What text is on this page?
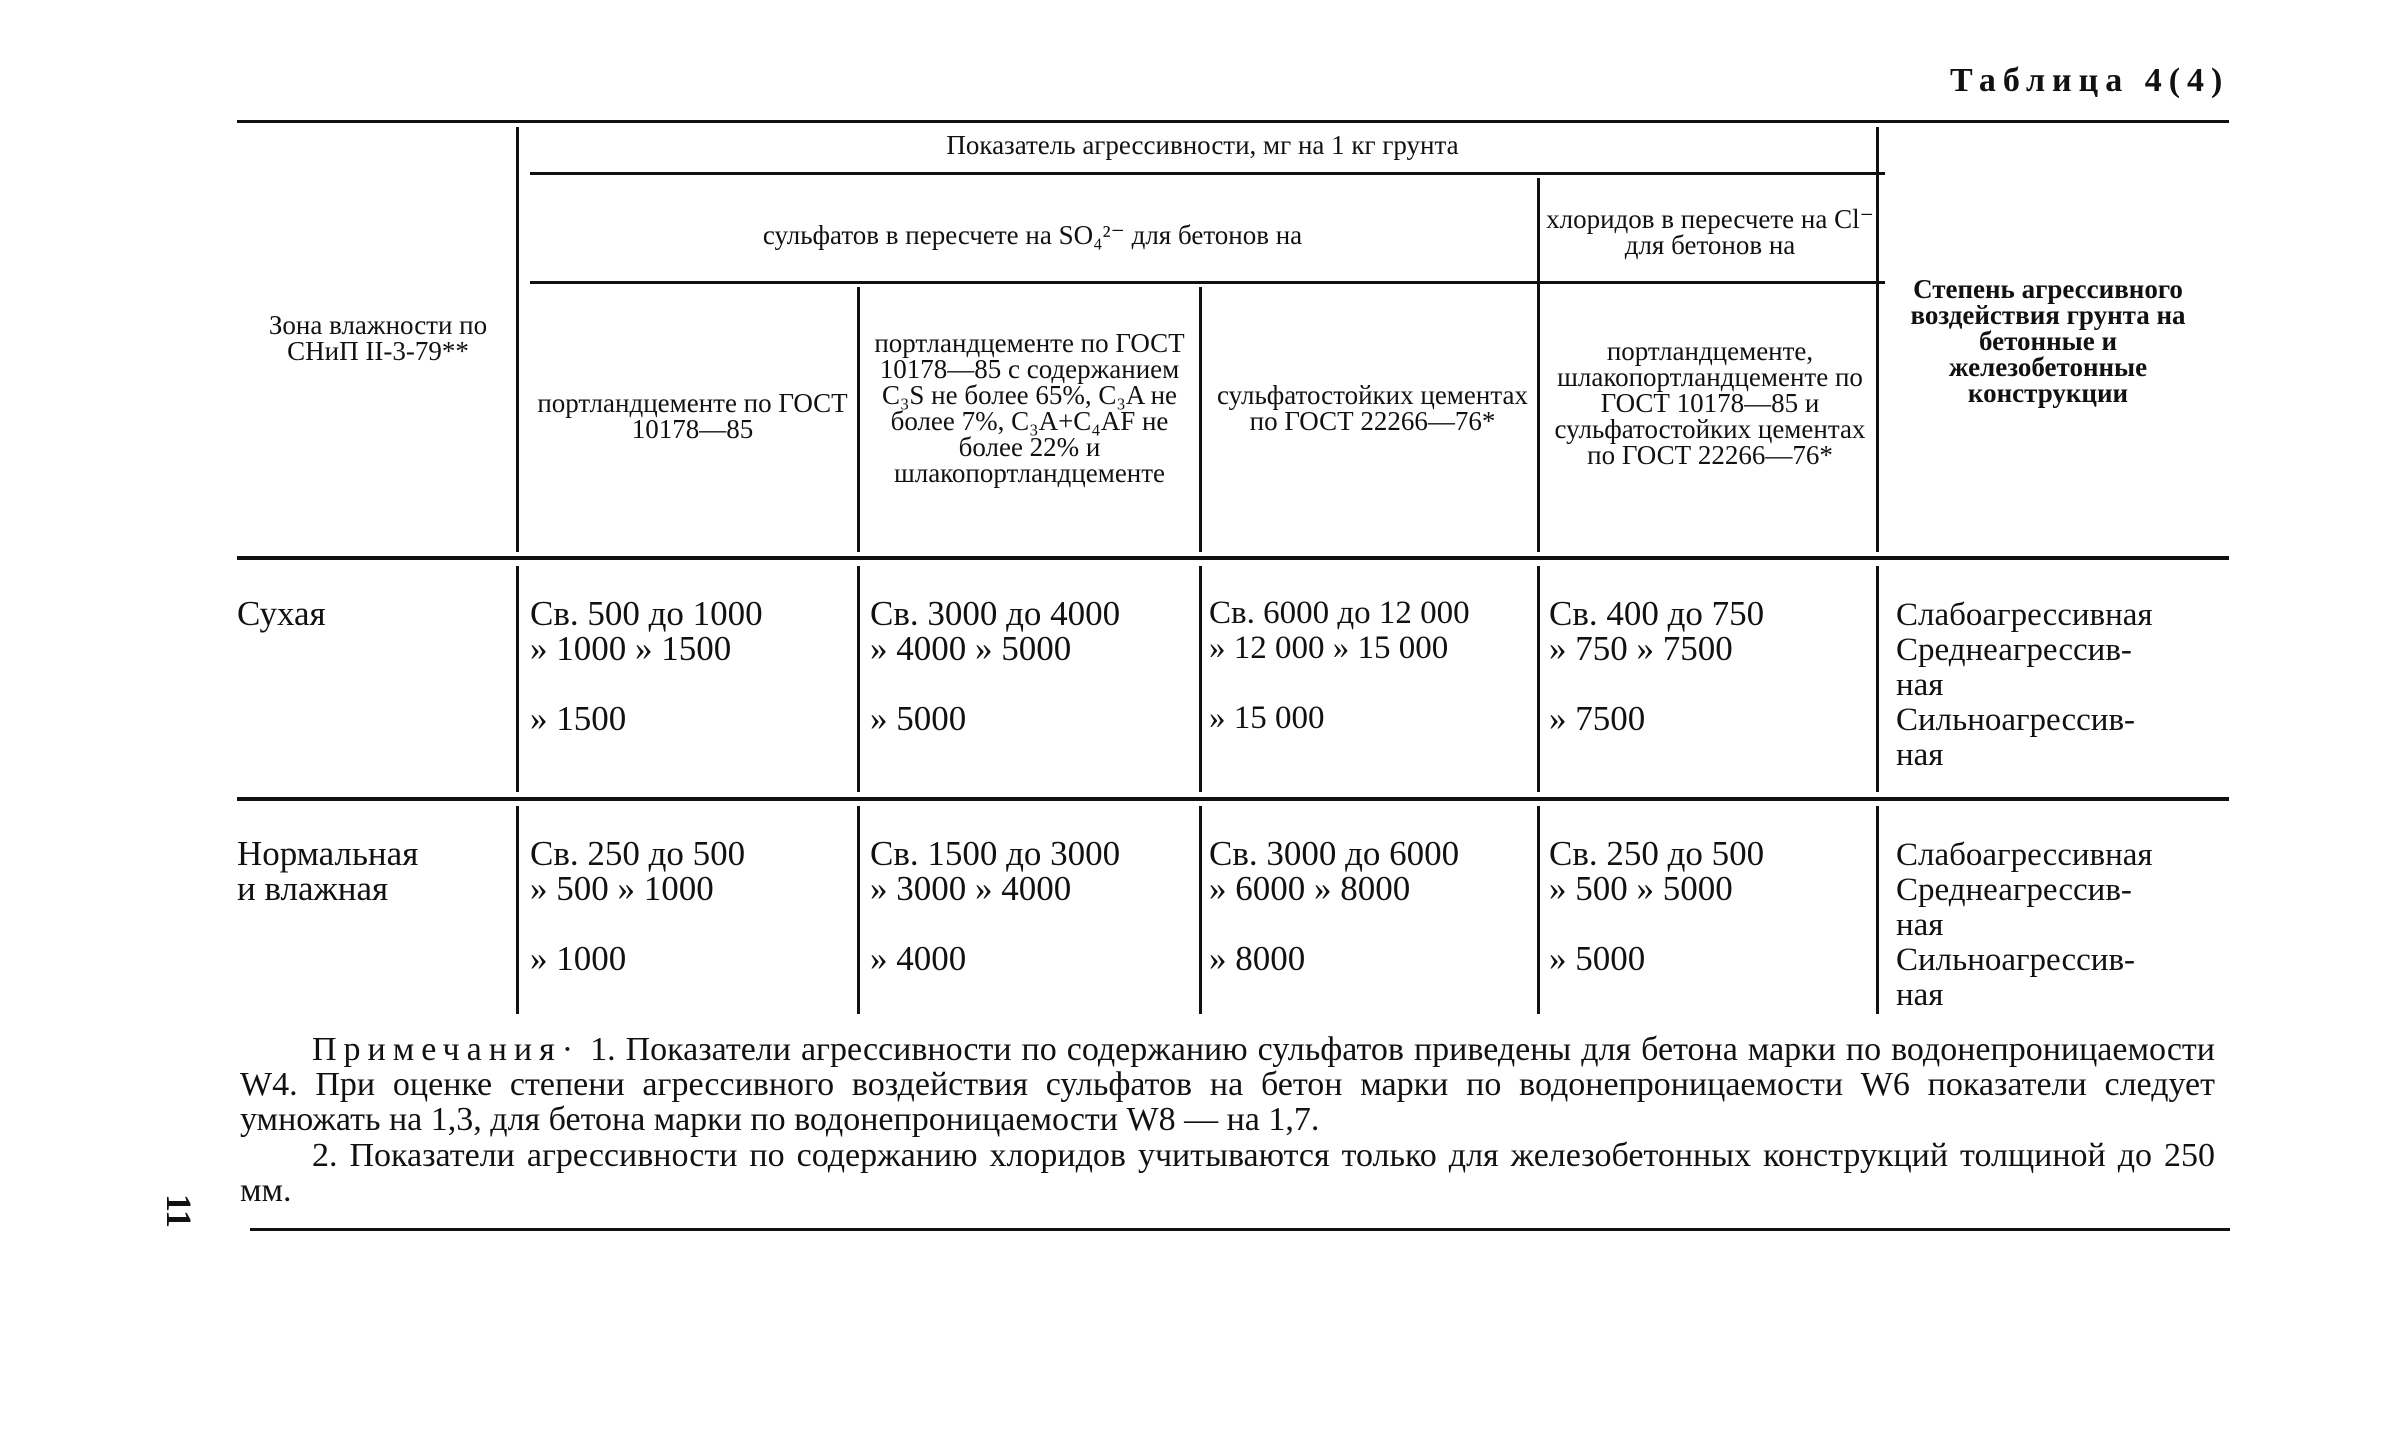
Таблица 4(4)
Зона влажности по СНиП II-3-79**
Показатель агрессивности, мг на 1 кг грунта
сульфатов в пересчете на SO₄²⁻ для бетонов на
хлоридов в пересчете на Cl⁻ для бетонов на
портландцементе по ГОСТ 10178—85
портландцементе по ГОСТ 10178—85 с содержанием C₃S не более 65%, C₃A не более 7%, C₃A+C₄AF не более 22% и шлакопортландцементе
сульфатостойких цементах по ГОСТ 22266—76*
портландцементе, шлакопортландцементе по ГОСТ 10178—85 и сульфатостойких цементах по ГОСТ 22266—76*
Степень агрессивного воздействия грунта на бетонные и железобетонные конструкции
Сухая	Св. 500 до 1000
» 1000 » 1500
» 1500
Св. 3000 до 4000
» 4000 » 5000
» 5000
Св. 6000 до 12 000
» 12 000 » 15 000
» 15 000
Св. 400 до 750
» 750 » 7500
» 7500
Слабоагрессивная
Среднеагрессив-
ная
Сильноагрессив-
ная
Нормальная
и влажная
Св. 250 до 500
» 500 » 1000
» 1000
Св. 1500 до 3000
» 3000 » 4000
» 4000
Св. 3000 до 6000
» 6000 » 8000
» 8000
Св. 250 до 500
» 500 » 5000
» 5000
Слабоагрессивная
Среднеагрессив-
ная
Сильноагрессив-
ная
Примечания· 1. Показатели агрессивности по содержанию сульфатов приведены для бетона марки по водонепроницаемости W4. При оценке степени агрессивного воздействия сульфатов на бетон марки по водонепроницаемости W6 показатели следует умножать на 1,3, для бетона марки по водонепроницаемости W8 — на 1,7.
2. Показатели агрессивности по содержанию хлоридов учитываются только для железобетонных конструкций толщиной до 250 мм.
11
